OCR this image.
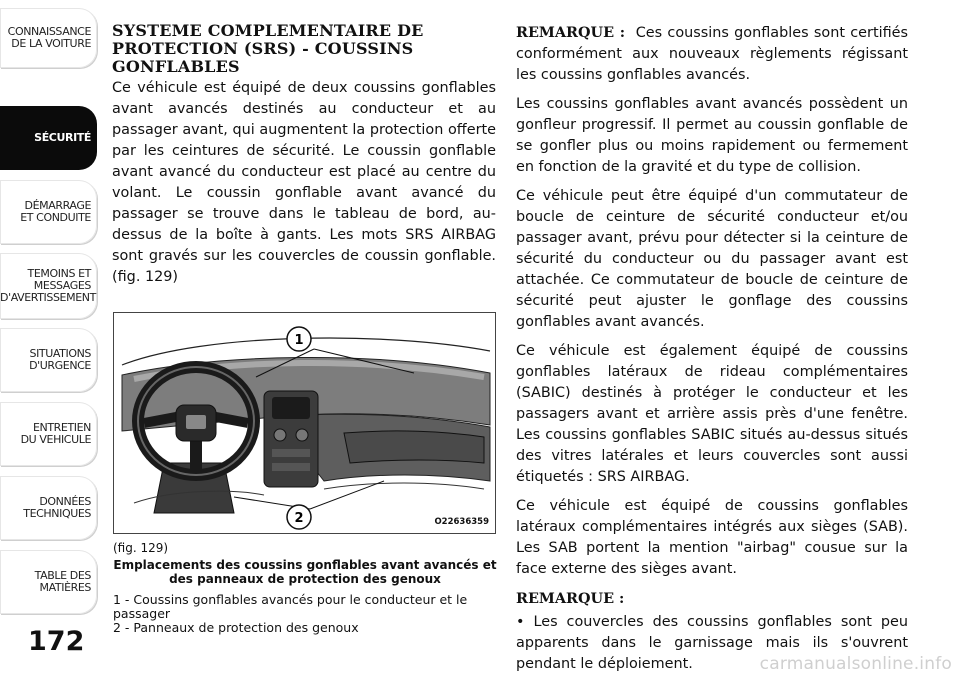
CONNAISSANCE
DE LA VOITURE
SÉCURITÉ
DÉMARRAGE
ET CONDUITE
TEMOINS ET
MESSAGES
D'AVERTISSEMENT
SITUATIONS
D'URGENCE
ENTRETIEN
DU VEHICULE
DONNÉES
TECHNIQUES
TABLE DES
MATIÈRES
172
SYSTEME COMPLEMENTAIRE DE PROTECTION (SRS) - COUSSINS GONFLABLES

Ce véhicule est équipé de deux coussins gonflables avant avancés destinés au conducteur et au passager avant, qui augmentent la protection offerte par les ceintures de sécurité. Le coussin gonflable avant avancé du conducteur est placé au centre du volant. Le coussin gonflable avant avancé du passager se trouve dans le tableau de bord, au-dessus de la boîte à gants. Les mots SRS AIRBAG sont gravés sur les couvercles de coussin gonflable. (fig. 129)

1
2	O22636359
(fig. 129)
Emplacements des coussins gonflables avant avancés et des panneaux de protection des genoux
1 - Coussins gonflables avancés pour le conducteur et le passager
2 - Panneaux de protection des genoux

REMARQUE : Ces coussins gonflables sont certifiés conformément aux nouveaux règlements régissant les coussins gonflables avancés.

Les coussins gonflables avant avancés possèdent un gonfleur progressif. Il permet au coussin gonflable de se gonfler plus ou moins rapidement ou fermement en fonction de la gravité et du type de collision.

Ce véhicule peut être équipé d'un commutateur de boucle de ceinture de sécurité conducteur et/ou passager avant, prévu pour détecter si la ceinture de sécurité du conducteur ou du passager avant est attachée. Ce commutateur de boucle de ceinture de sécurité peut ajuster le gonflage des coussins gonflables avant avancés.

Ce véhicule est également équipé de coussins gonflables latéraux de rideau complémentaires (SABIC) destinés à protéger le conducteur et les passagers avant et arrière assis près d'une fenêtre. Les coussins gonflables SABIC situés au-dessus situés des vitres latérales et leurs couvercles sont aussi étiquetés : SRS AIRBAG.

Ce véhicule est équipé de coussins gonflables latéraux complémentaires intégrés aux sièges (SAB). Les SAB portent la mention "airbag" cousue sur la face externe des sièges avant.

REMARQUE :

• Les couvercles des coussins gonflables sont peu apparents dans le garnissage mais ils s'ouvrent pendant le déploiement.	carmanualsonline.info
